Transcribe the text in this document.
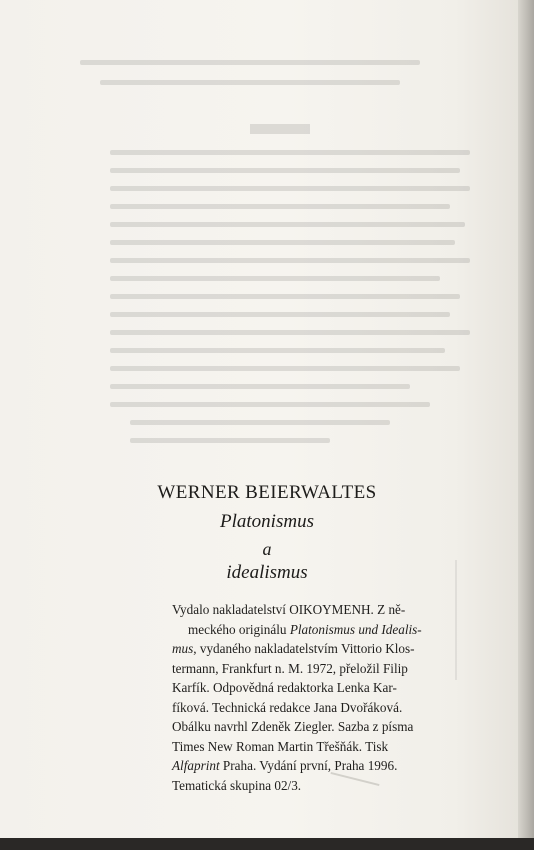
WERNER BEIERWALTES
Platonismus
a
idealismus
Vydalo nakladatelství OIKOYMENH. Z ně-
meckého originálu Platonismus und Idealis-
mus, vydaného nakladatelstvím Vittorio Klos-
termann, Frankfurt n. M. 1972, přeložil Filip
Karfík. Odpovědná redaktorka Lenka Kar-
fíková. Technická redakce Jana Dvořáková.
Obálku navrhl Zdeněk Ziegler. Sazba z písma
Times New Roman Martin Třešňák. Tisk
Alfaprint Praha. Vydání první, Praha 1996.
Tematická skupina 02/3.
